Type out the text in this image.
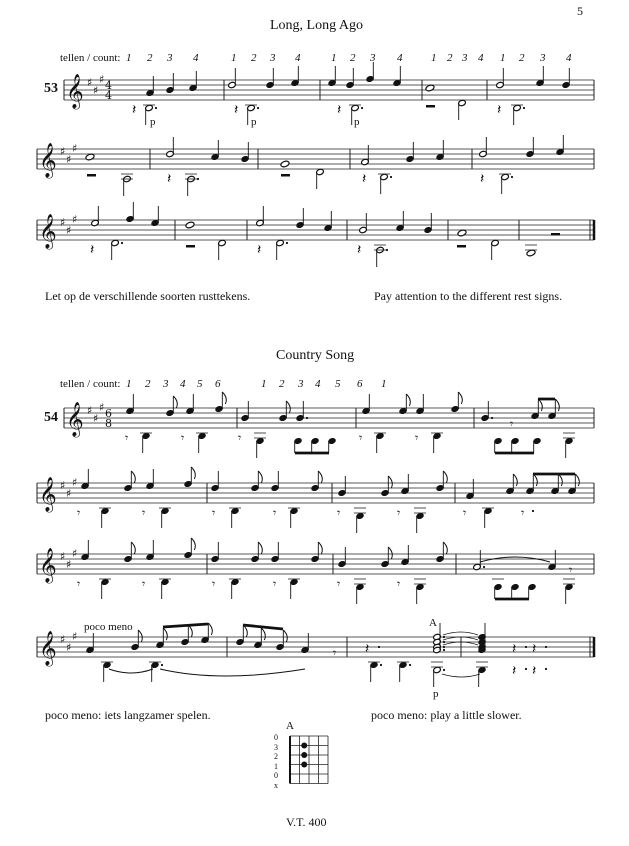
5
Long, Long Ago
tellen / count: 1 2 3 4	1 2 3 4	1 2 3 4	1 2 3 4 1 2 3 4
53
p	p	p
Let op de verschillende soorten rusttekens.	Pay attention to the different rest signs.
Country Song
tellen / count: 1 2 3 4 5 6	1 2 3 4 5 6 1
54
poco meno	A
p
poco meno: iets langzamer spelen.	poco meno: play a little slower.
A
0
3
2
1
0
x
V.T. 400
𝄞 ♯
♯
♯
𝄞 ♯
♯
♯
𝄞 ♯
♯
♯
4
4
𝄽	𝄽	𝄽	𝄽
𝄽	𝄽	𝄽
𝄽	𝄽	𝄽
𝄞 ♯
♯
♯
𝄞 ♯
♯
♯
𝄞 ♯
♯
♯
𝄞 ♯
♯
♯
6
8
𝄾	𝄾	𝄾	𝄾	𝄾
𝄾
𝄾	𝄾	𝄾	𝄾	𝄾	𝄾	𝄾	𝄾
𝄾	𝄾	𝄾	𝄾	𝄾	𝄾
𝄾
𝄾 𝄽	𝄽 𝄽
𝄽 𝄽
